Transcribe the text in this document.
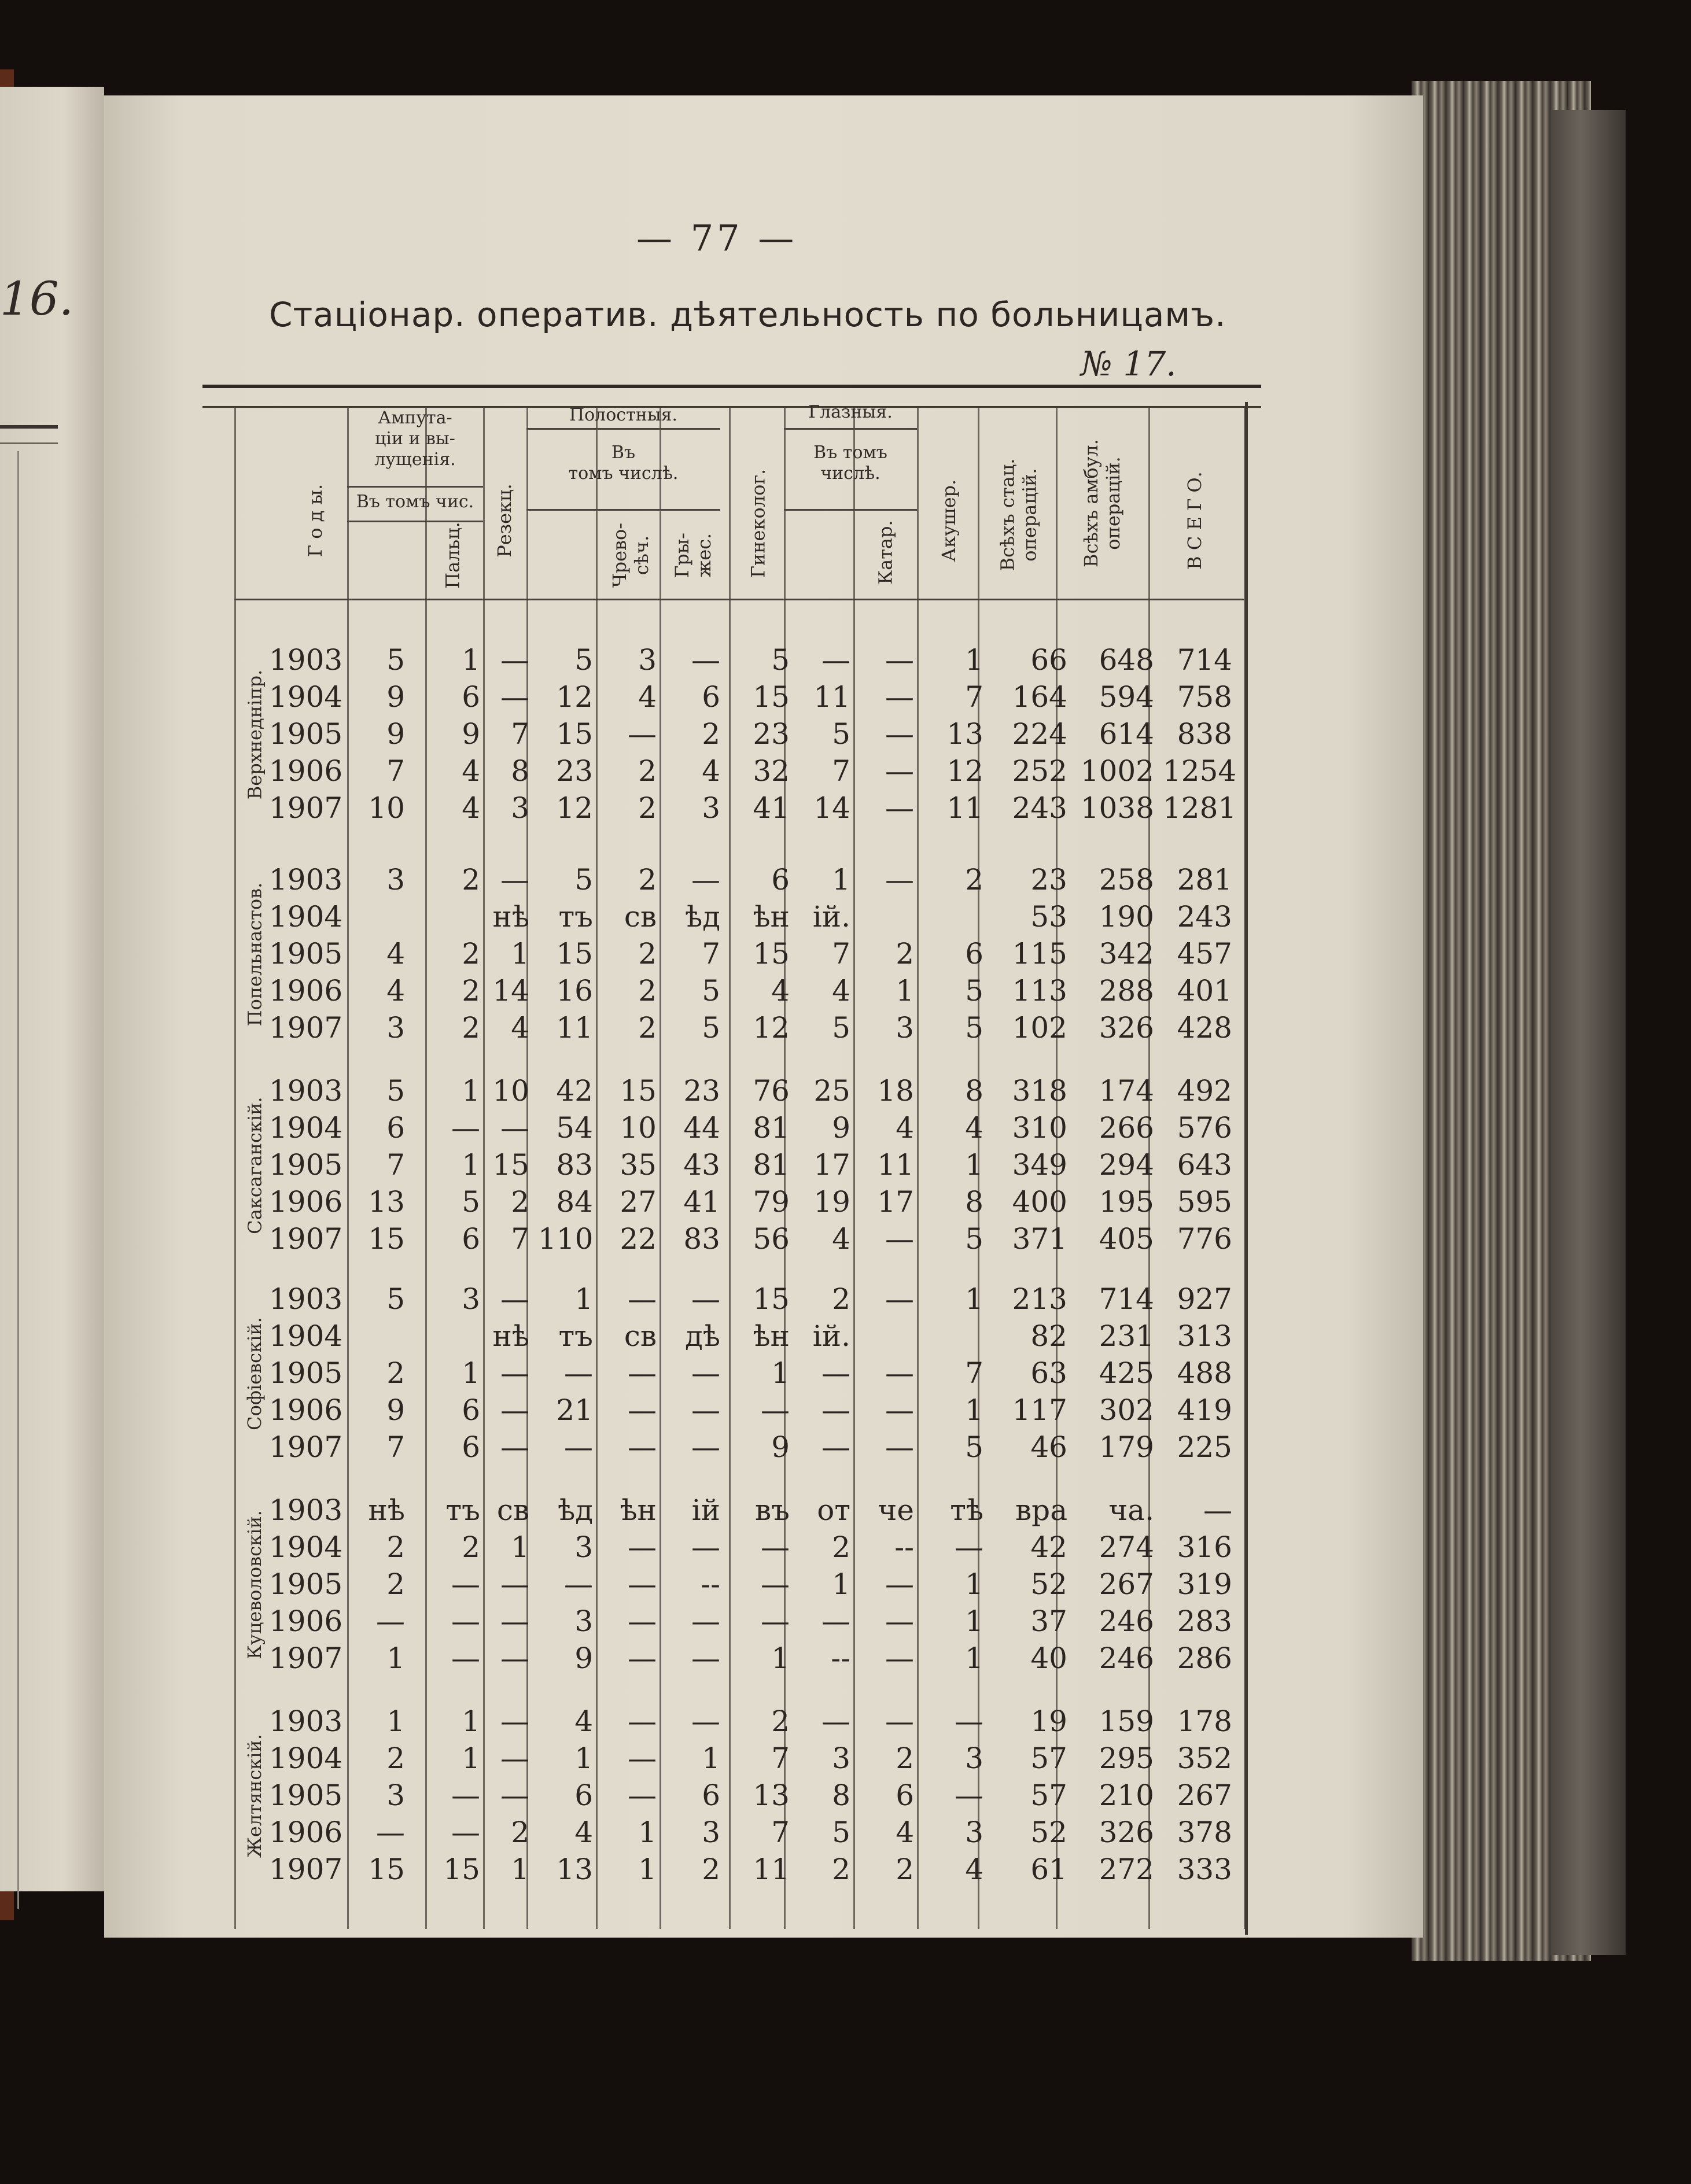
16.
— 77 —
Стаціонар. оператив. дѣятельность по больницамъ.
№ 17.
Ампута-
ціи и вы-
лущенія.
Въ томъ чис.
Полостныя.
Въ
томъ числѣ.
Глазныя.
Въ томъ
числѣ.
Г о д ы.	Пальц. Резекц.	Чрево-
сѣч. Гры-
жес. Гинеколог.	Катар. Акушер. Всѣхъ стац.
операцій. Всѣхъ амбул.
операцій.	В С Е Г О.
Верхнедніпр.
1903	5	1 —	5	3	—	5	—	—	1	66	648 714
1904	9	6 — 12	4	6	15 11	—	7 164	594 758
1905	9	9	7 15	—	2	23	5	—	13 224	614 838
1906	7	4	8 23	2	4	32	7	—	12 252 1002 1254
1907 10	4	3 12	2	3	41 14	—	11 243 1038 1281
Попельнастов.
1903	3	2 —	5	2	—	6	1	—	2	23	258 281
1904	нѣ	тъ	св ѣд	ѣн ій.	53	190 243
1905	4	2	1 15	2	7	15	7	2	6 115	342 457
1906	4	2 14 16	2	5	4	4	1	5 113	288 401
1907	3	2	4 11	2	5	12	5	3	5 102	326 428
Саксаганскій.
1903	5	1 10 42 15 23	76 25 18	8 318	174 492
1904	6	— — 54 10 44	81	9	4	4 310	266 576
1905	7	1 15 83 35 43	81 17 11	1 349	294 643
1906 13	5	2 84 27 41	79 19 17	8 400	195 595
1907 15	6	7 110 22 83	56	4	—	5 371	405 776
Софіевскій.
1903	5	3 —	1	—	—	15	2	—	1 213	714 927
1904	нѣ	тъ	св дѣ	ѣн ій.	82	231 313
1905	2	1 —	—	—	—	1	—	—	7	63	425 488
1906	9	6 — 21	—	—	—	—	—	1 117	302 419
1907	7	6 —	—	—	—	9	—	—	5	46	179 225
Куцеволовскій.
1903 нѣ	тъ св ѣд ѣн	ій	въ от че	тѣ	вра	ча.	—
1904	2	2	1	3	—	—	—	2	--	—	42	274 316
1905	2	— —	—	—	--	—	1	—	1	52	267 319
1906	—	— —	3	—	—	—	—	—	1	37	246 283
1907	1	— —	9	—	—	1	--	—	1	40	246 286
Желтянскій.
1903	1	1 —	4	—	—	2	—	—	—	19	159 178
1904	2	1 —	1	—	1	7	3	2	3	57	295 352
1905	3	— —	6	—	6	13	8	6	—	57	210 267
1906	—	—	2	4	1	3	7	5	4	3	52	326 378
1907 15 15	1 13	1	2	11	2	2	4	61	272 333
